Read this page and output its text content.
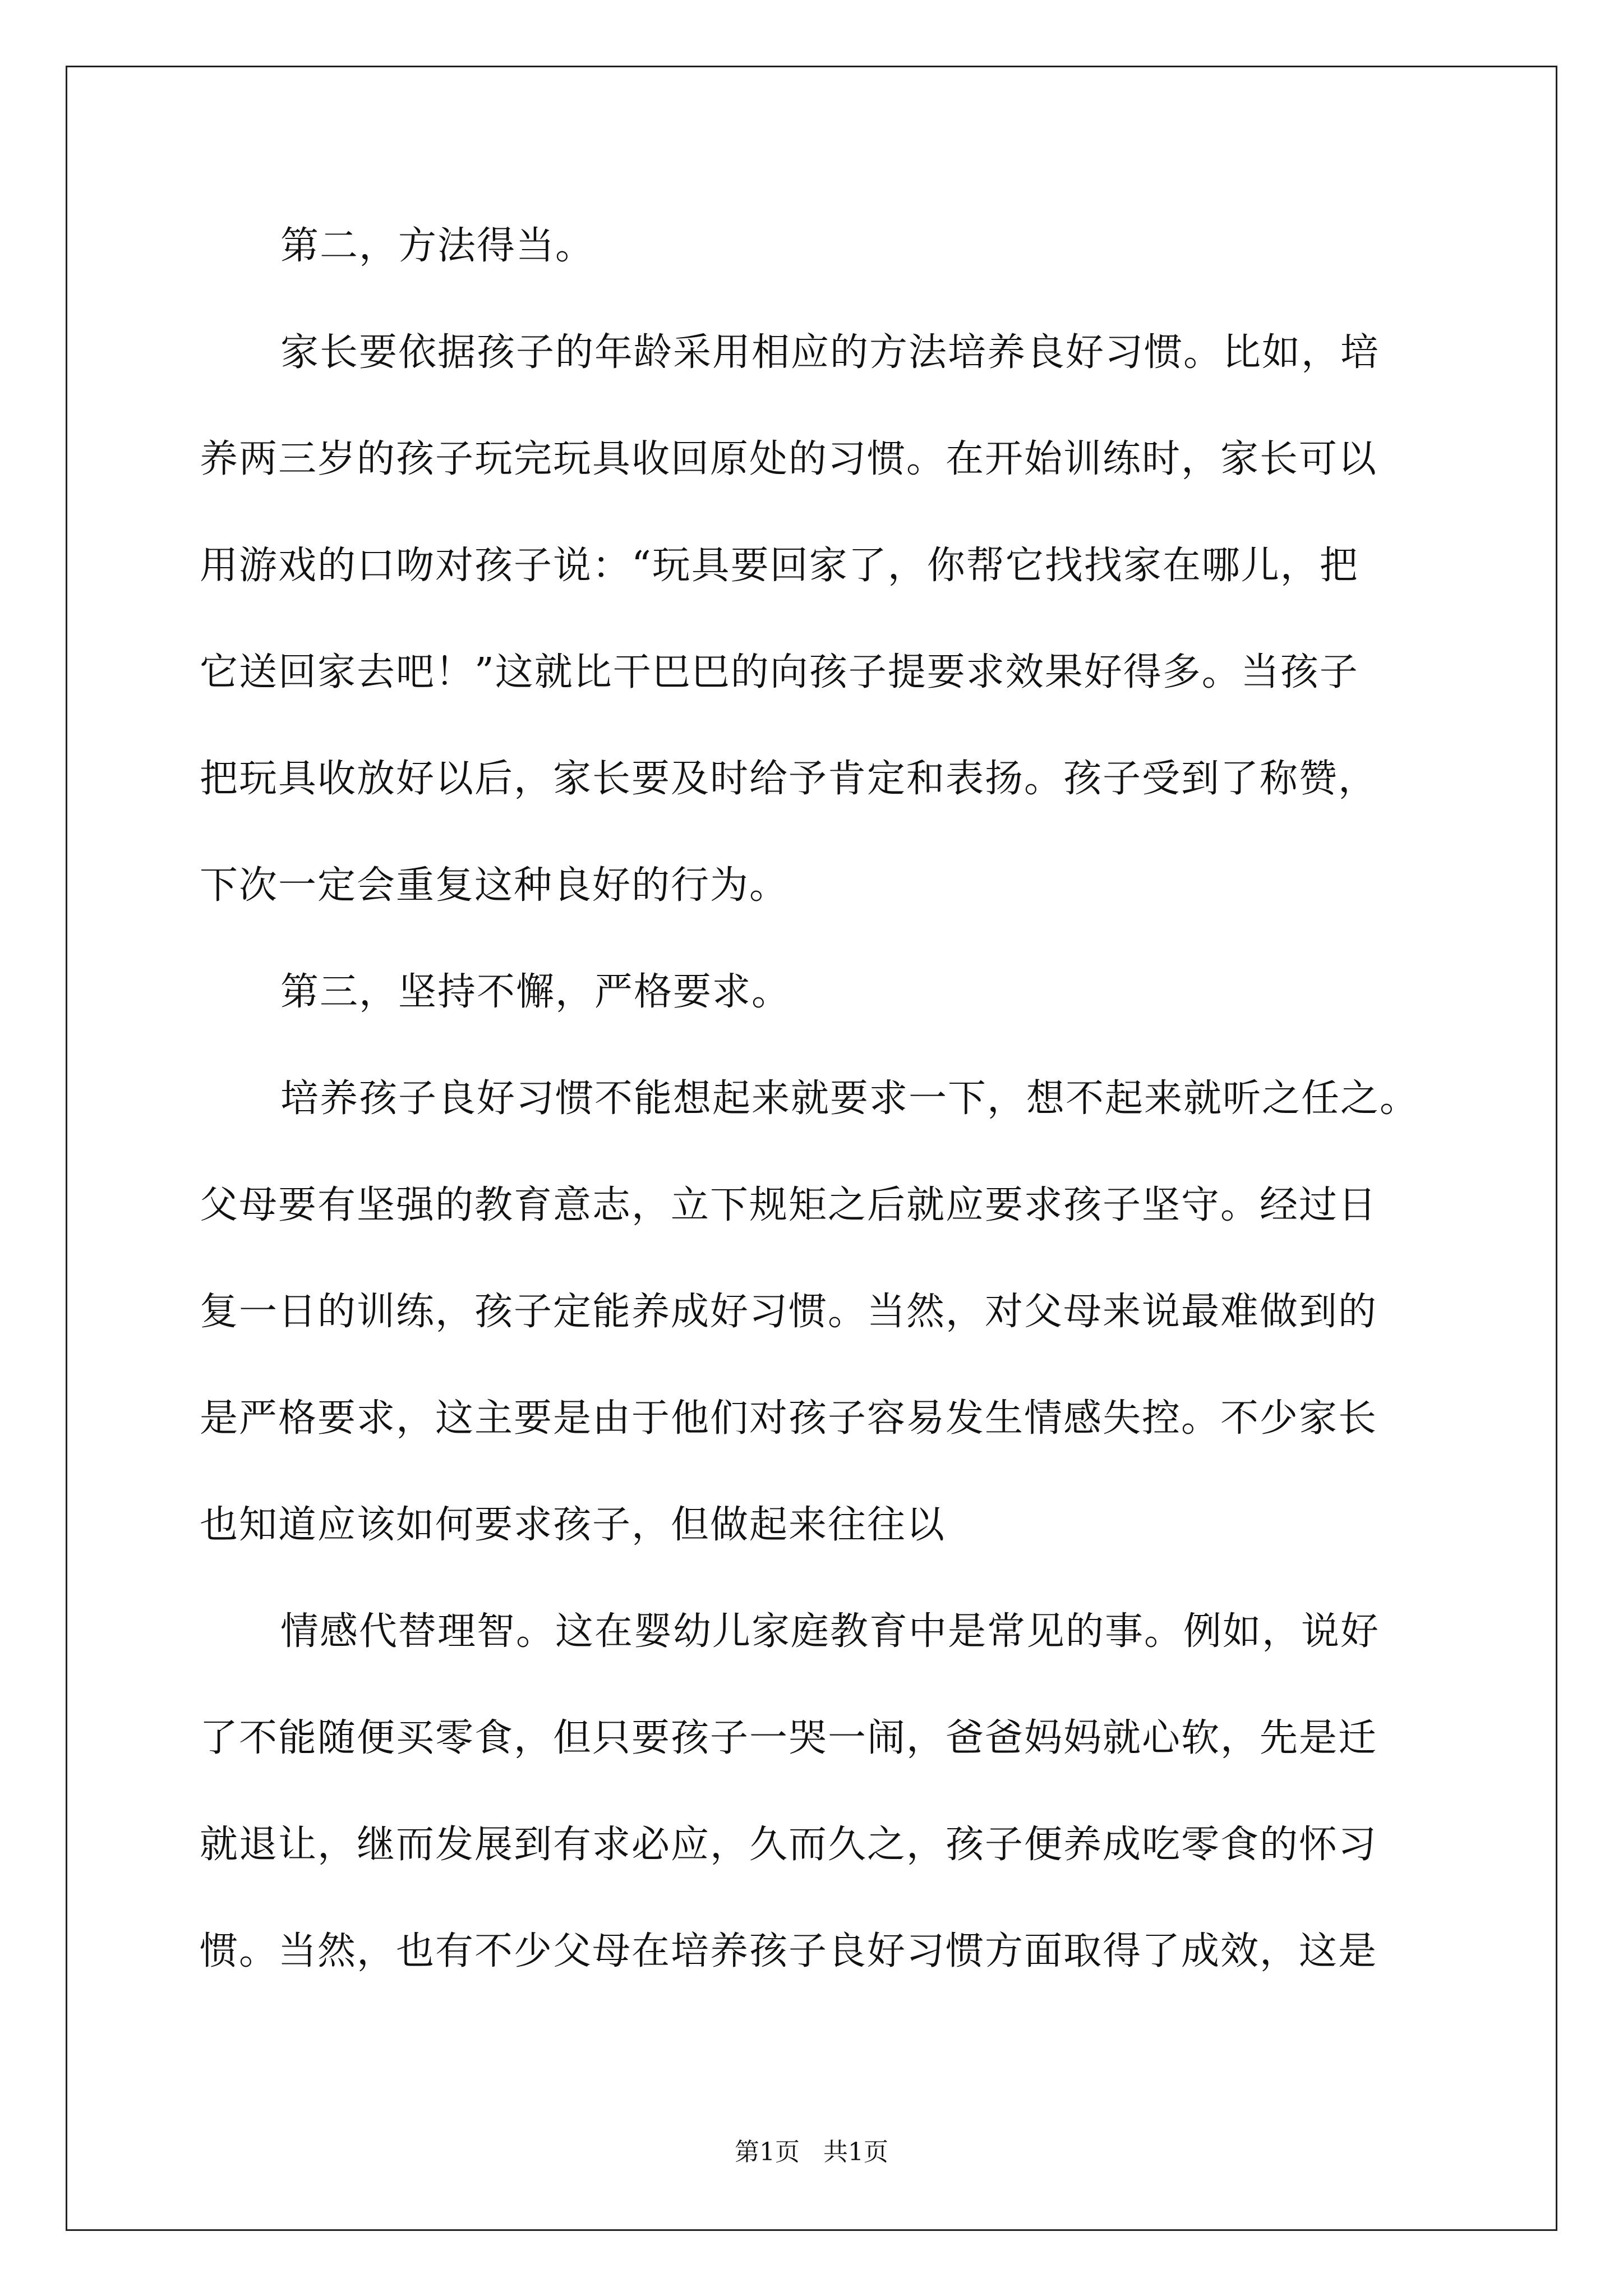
第二，方法得当。
家长要依据孩子的年龄采用相应的方法培养良好习惯。比如，培
养两三岁的孩子玩完玩具收回原处的习惯。在开始训练时，家长可以
用游戏的口吻对孩子说：“玩具要回家了，你帮它找找家在哪儿，把
它送回家去吧！”这就比干巴巴的向孩子提要求效果好得多。当孩子
把玩具收放好以后，家长要及时给予肯定和表扬。孩子受到了称赞，
下次一定会重复这种良好的行为。
第三，坚持不懈，严格要求。
培养孩子良好习惯不能想起来就要求一下，想不起来就听之任之。
父母要有坚强的教育意志，立下规矩之后就应要求孩子坚守。经过日
复一日的训练，孩子定能养成好习惯。当然，对父母来说最难做到的
是严格要求，这主要是由于他们对孩子容易发生情感失控。不少家长
也知道应该如何要求孩子，但做起来往往以
情感代替理智。这在婴幼儿家庭教育中是常见的事。例如，说好
了不能随便买零食，但只要孩子一哭一闹，爸爸妈妈就心软，先是迁
就退让，继而发展到有求必应，久而久之，孩子便养成吃零食的怀习
惯。当然，也有不少父母在培养孩子良好习惯方面取得了成效，这是
第1页 共1页
